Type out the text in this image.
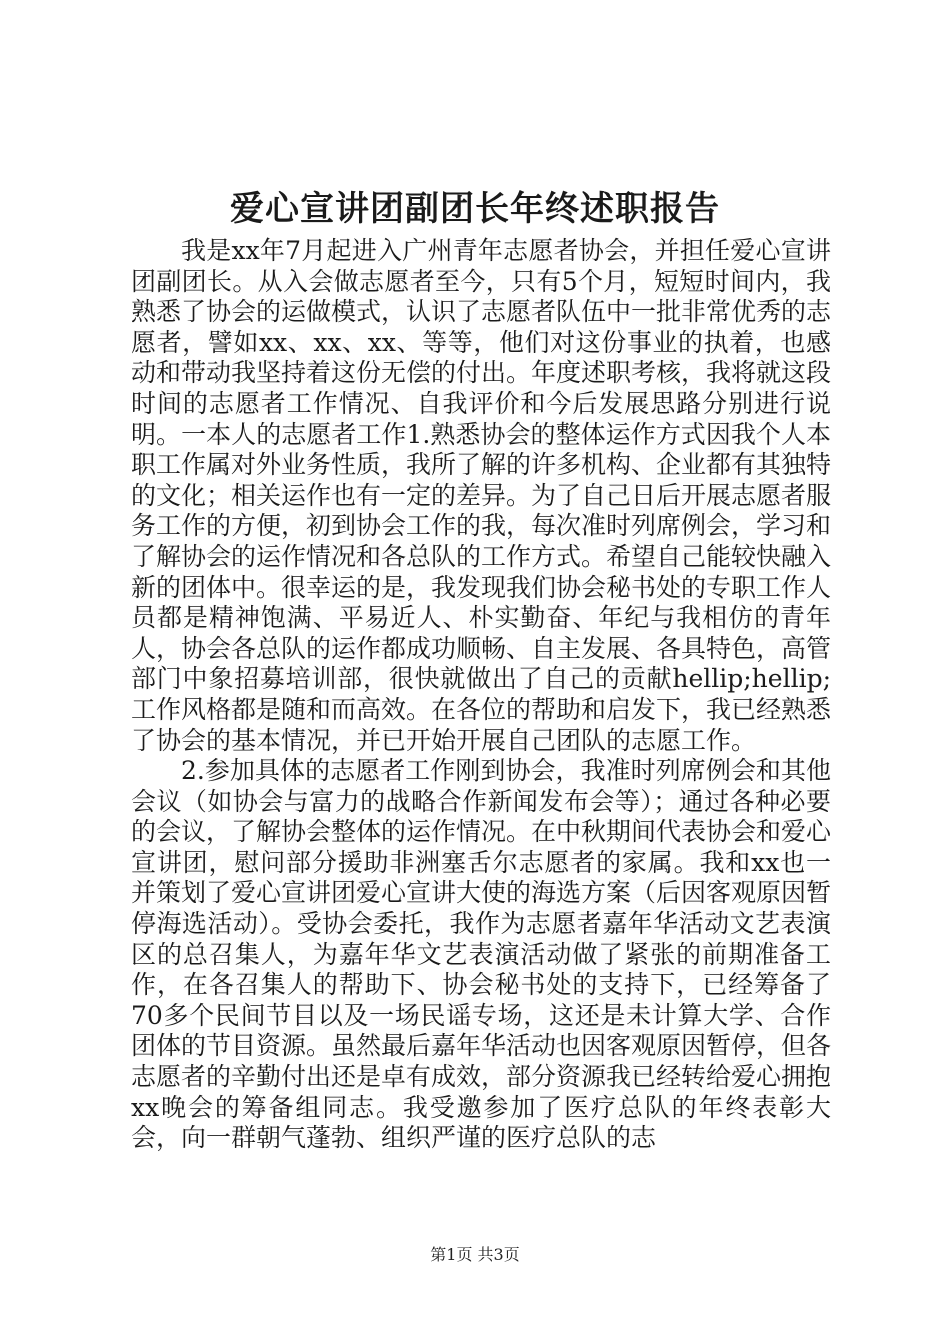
爱心宣讲团副团长年终述职报告

我是xx年7月起进入广州青年志愿者协会，并担任爱心宣讲团副团长。从入会做志愿者至今，只有5个月，短短时间内，我熟悉了协会的运做模式，认识了志愿者队伍中一批非常优秀的志愿者，譬如xx、xx、xx、等等，他们对这份事业的执着，也感动和带动我坚持着这份无偿的付出。年度述职考核，我将就这段时间的志愿者工作情况、自我评价和今后发展思路分别进行说明。一本人的志愿者工作1.熟悉协会的整体运作方式因我个人本职工作属对外业务性质，我所了解的许多机构、企业都有其独特的文化；相关运作也有一定的差异。为了自己日后开展志愿者服务工作的方便，初到协会工作的我，每次准时列席例会，学习和了解协会的运作情况和各总队的工作方式。希望自己能较快融入新的团体中。很幸运的是，我发现我们协会秘书处的专职工作人员都是精神饱满、平易近人、朴实勤奋、年纪与我相仿的青年人，协会各总队的运作都成功顺畅、自主发展、各具特色，高管部门中象招募培训部，很快就做出了自己的贡献hellip;hellip;工作风格都是随和而高效。在各位的帮助和启发下，我已经熟悉了协会的基本情况，并已开始开展自己团队的志愿工作。

2.参加具体的志愿者工作刚到协会，我准时列席例会和其他会议（如协会与富力的战略合作新闻发布会等）；通过各种必要的会议，了解协会整体的运作情况。在中秋期间代表协会和爱心宣讲团，慰问部分援助非洲塞舌尔志愿者的家属。我和xx也一并策划了爱心宣讲团爱心宣讲大使的海选方案（后因客观原因暂停海选活动）。受协会委托，我作为志愿者嘉年华活动文艺表演区的总召集人，为嘉年华文艺表演活动做了紧张的前期准备工作，在各召集人的帮助下、协会秘书处的支持下，已经筹备了70多个民间节目以及一场民谣专场，这还是未计算大学、合作团体的节目资源。虽然最后嘉年华活动也因客观原因暂停，但各志愿者的辛勤付出还是卓有成效，部分资源我已经转给爱心拥抱xx晚会的筹备组同志。我受邀参加了医疗总队的年终表彰大会，向一群朝气蓬勃、组织严谨的医疗总队的志

第1页 共3页
